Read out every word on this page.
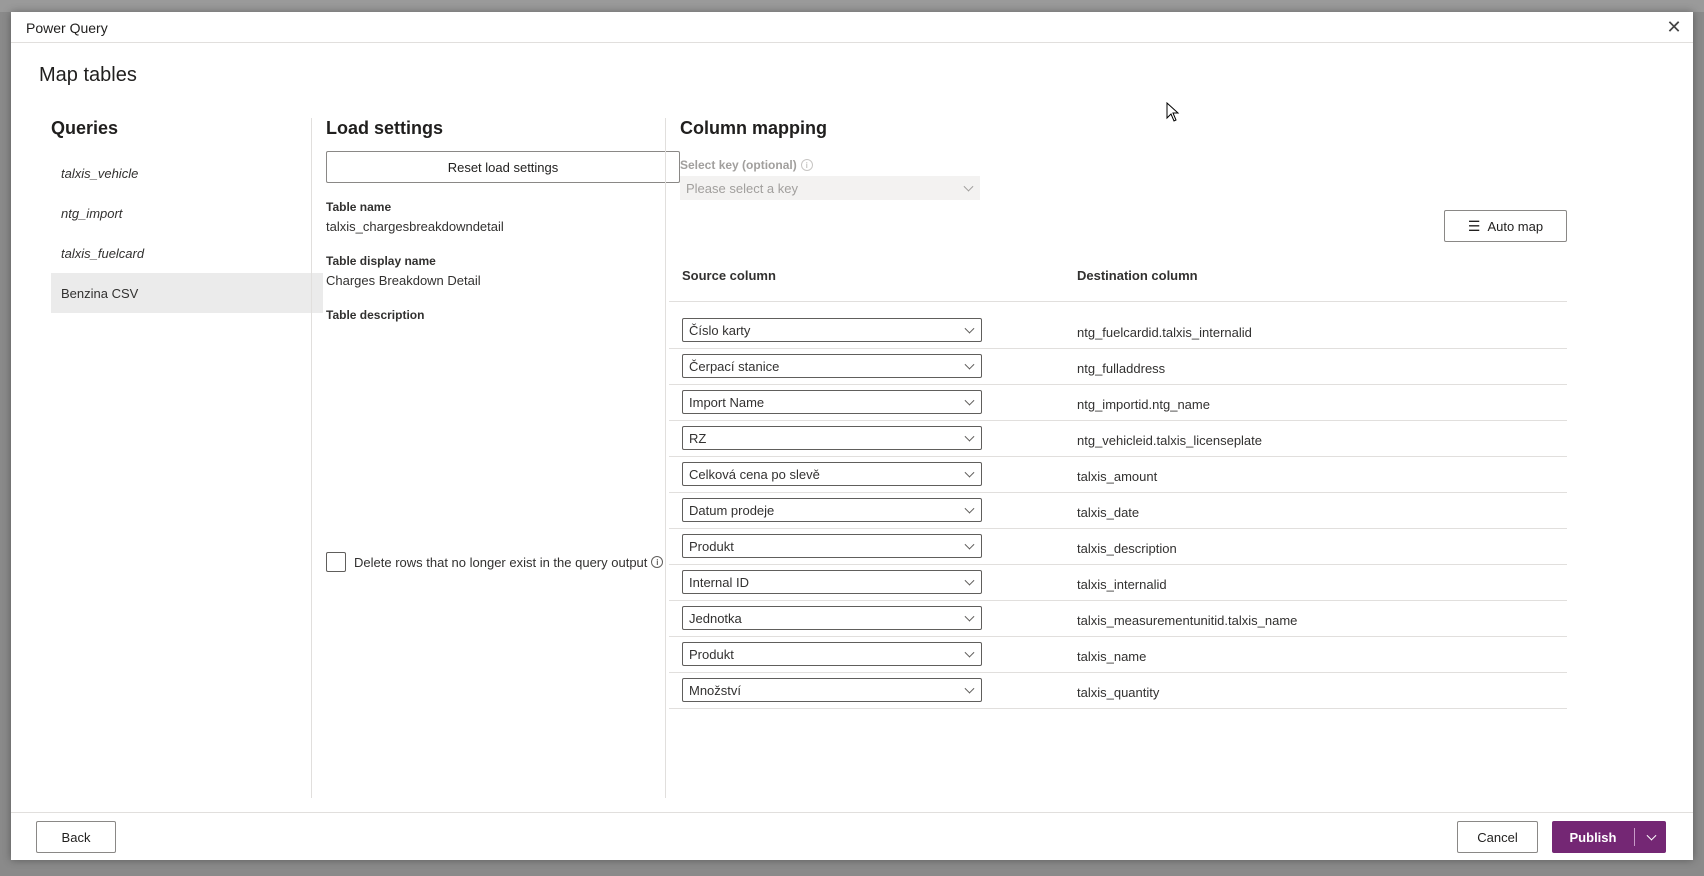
Power Query	✕
Map tables
Queries
talxis_vehicle
ntg_import
talxis_fuelcard
Benzina CSV
Load settings
Reset load settings
Table name
talxis_chargesbreakdowndetail
Table display name
Charges Breakdown Detail
Table description
Delete rows that no longer exist in the query output	i
Column mapping
Select key (optional)	i
Please select a key
☰ Auto map
Source column	Destination column
Číslo karty	ntg_fuelcardid.talxis_internalid
Čerpací stanice	ntg_fulladdress
Import Name	ntg_importid.ntg_name
RZ	ntg_vehicleid.talxis_licenseplate
Celková cena po slevě	talxis_amount
Datum prodeje	talxis_date
Produkt	talxis_description
Internal ID	talxis_internalid
Jednotka	talxis_measurementunitid.talxis_name
Produkt	talxis_name
Množství	talxis_quantity
Back	Cancel	Publish
